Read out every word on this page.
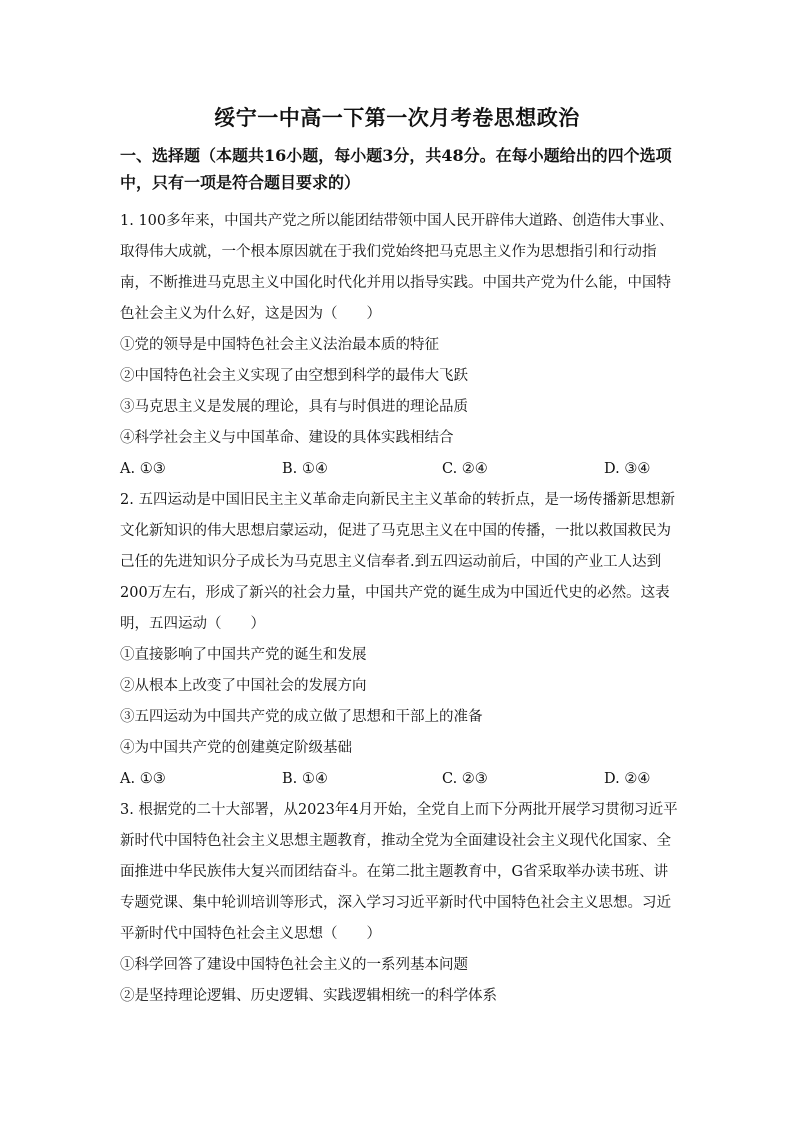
绥宁一中高一下第一次月考卷思想政治
一、选择题（本题共16小题，每小题3分，共48分。在每小题给出的四个选项中，只有一项是符合题目要求的）

1. 100多年来，中国共产党之所以能团结带领中国人民开辟伟大道路、创造伟大事业、取得伟大成就，一个根本原因就在于我们党始终把马克思主义作为思想指引和行动指南，不断推进马克思主义中国化时代化并用以指导实践。中国共产党为什么能，中国特色社会主义为什么好，这是因为（　　）

①党的领导是中国特色社会主义法治最本质的特征

②中国特色社会主义实现了由空想到科学的最伟大飞跃

③马克思主义是发展的理论，具有与时俱进的理论品质

④科学社会主义与中国革命、建设的具体实践相结合

A. ①③	B. ①④	C. ②④	D. ③④

2. 五四运动是中国旧民主主义革命走向新民主主义革命的转折点，是一场传播新思想新文化新知识的伟大思想启蒙运动，促进了马克思主义在中国的传播，一批以救国救民为己任的先进知识分子成长为马克思主义信奉者.到五四运动前后，中国的产业工人达到200万左右，形成了新兴的社会力量，中国共产党的诞生成为中国近代史的必然。这表明，五四运动（　　）

①直接影响了中国共产党的诞生和发展

②从根本上改变了中国社会的发展方向

③五四运动为中国共产党的成立做了思想和干部上的准备

④为中国共产党的创建奠定阶级基础

A. ①③	B. ①④	C. ②③	D. ②④

3. 根据党的二十大部署，从2023年4月开始，全党自上而下分两批开展学习贯彻习近平新时代中国特色社会主义思想主题教育，推动全党为全面建设社会主义现代化国家、全面推进中华民族伟大复兴而团结奋斗。在第二批主题教育中，G省采取举办读书班、讲专题党课、集中轮训培训等形式，深入学习习近平新时代中国特色社会主义思想。习近平新时代中国特色社会主义思想（　　）

①科学回答了建设中国特色社会主义的一系列基本问题

②是坚持理论逻辑、历史逻辑、实践逻辑相统一的科学体系
